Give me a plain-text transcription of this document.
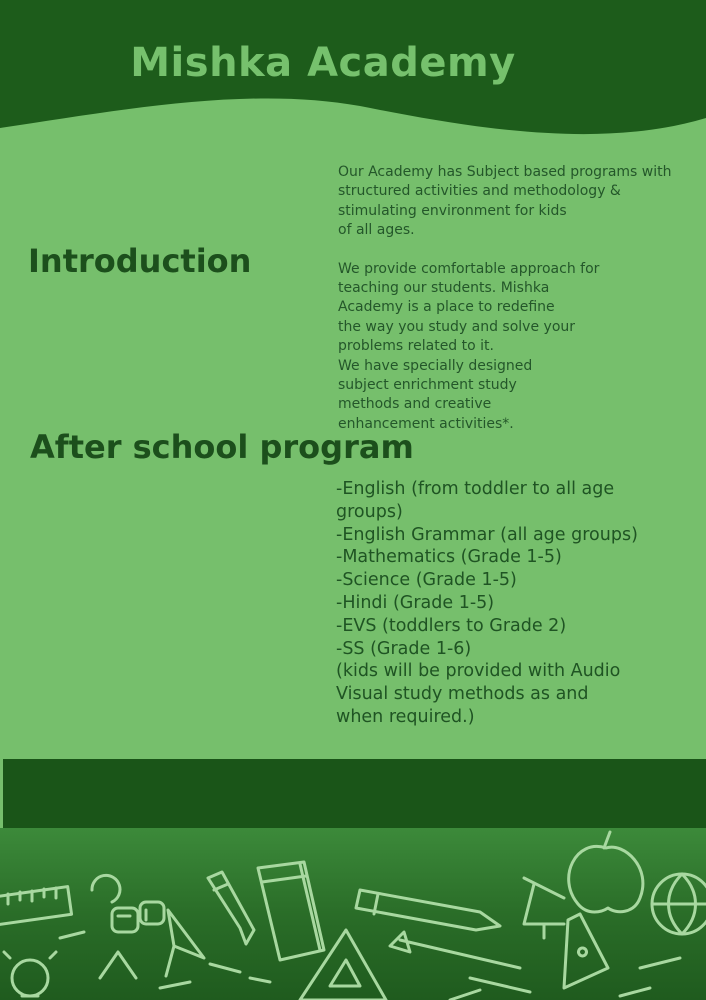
Mishka Academy
Introduction
Our Academy has Subject based programs with
structured activities and methodology &
stimulating environment for kids
of all ages.
We provide comfortable approach for
teaching our students. Mishka
Academy is a place to redefine
the way you study and solve your
problems related to it.
We have specially designed
subject enrichment study
methods and creative
enhancement activities*.
After school program
-English (from toddler to all age
groups)
-English Grammar (all age groups)
-Mathematics (Grade 1-5)
-Science (Grade 1-5)
-Hindi (Grade 1-5)
-EVS (toddlers to Grade 2)
-SS (Grade 1-6)
(kids will be provided with Audio
Visual study methods as and
when required.)
